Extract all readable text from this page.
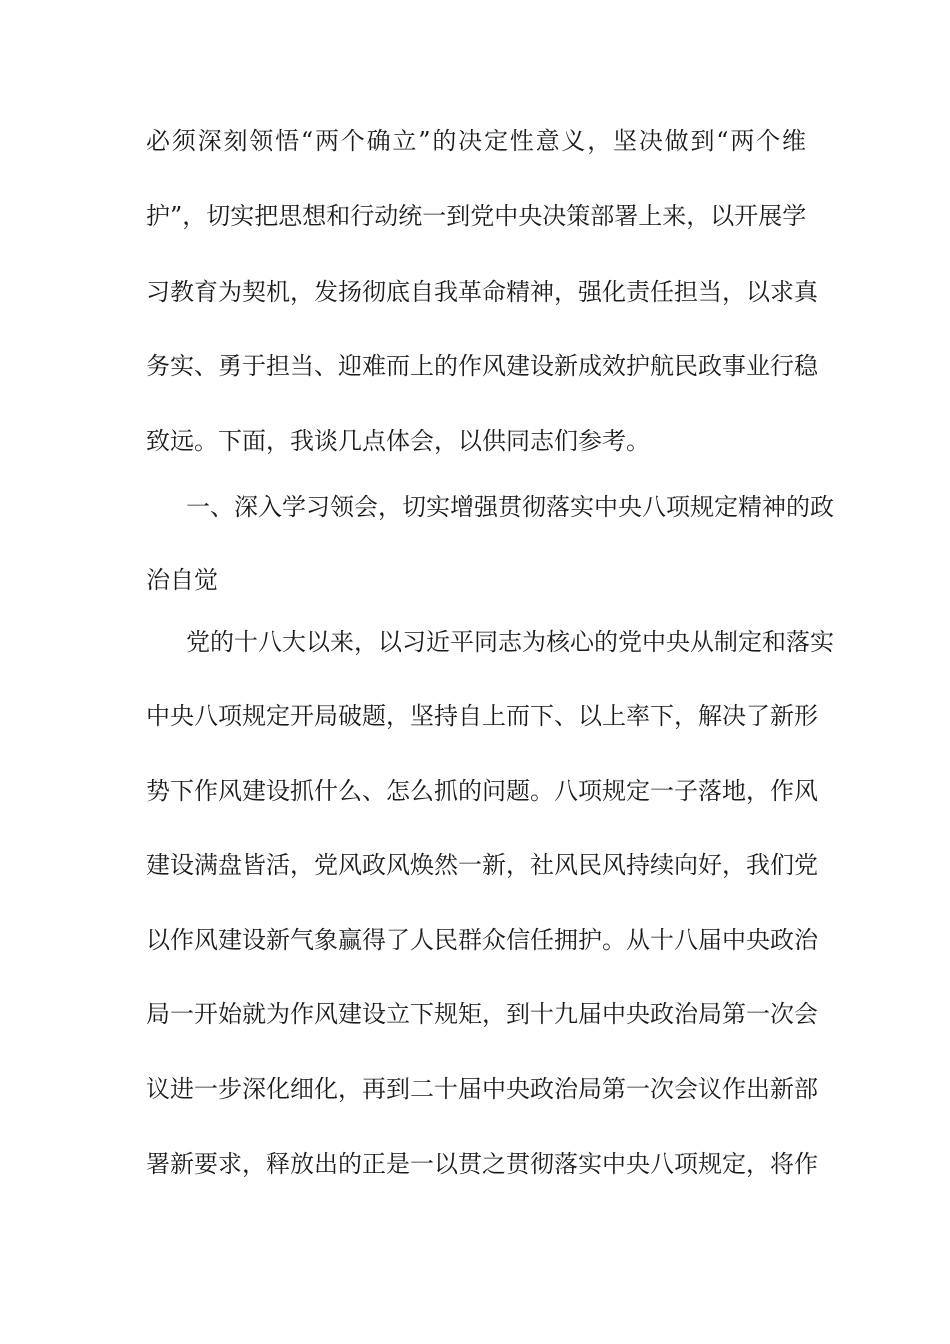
必须深刻领悟“两个确立”的决定性意义，坚决做到“两个维
护”，切实把思想和行动统一到党中央决策部署上来，以开展学
习教育为契机，发扬彻底自我革命精神，强化责任担当，以求真
务实、勇于担当、迎难而上的作风建设新成效护航民政事业行稳
致远。下面，我谈几点体会，以供同志们参考。
一、深入学习领会，切实增强贯彻落实中央八项规定精神的政
治自觉
党的十八大以来，以习近平同志为核心的党中央从制定和落实
中央八项规定开局破题，坚持自上而下、以上率下，解决了新形
势下作风建设抓什么、怎么抓的问题。八项规定一子落地，作风
建设满盘皆活，党风政风焕然一新，社风民风持续向好，我们党
以作风建设新气象赢得了人民群众信任拥护。从十八届中央政治
局一开始就为作风建设立下规矩，到十九届中央政治局第一次会
议进一步深化细化，再到二十届中央政治局第一次会议作出新部
署新要求，释放出的正是一以贯之贯彻落实中央八项规定，将作
